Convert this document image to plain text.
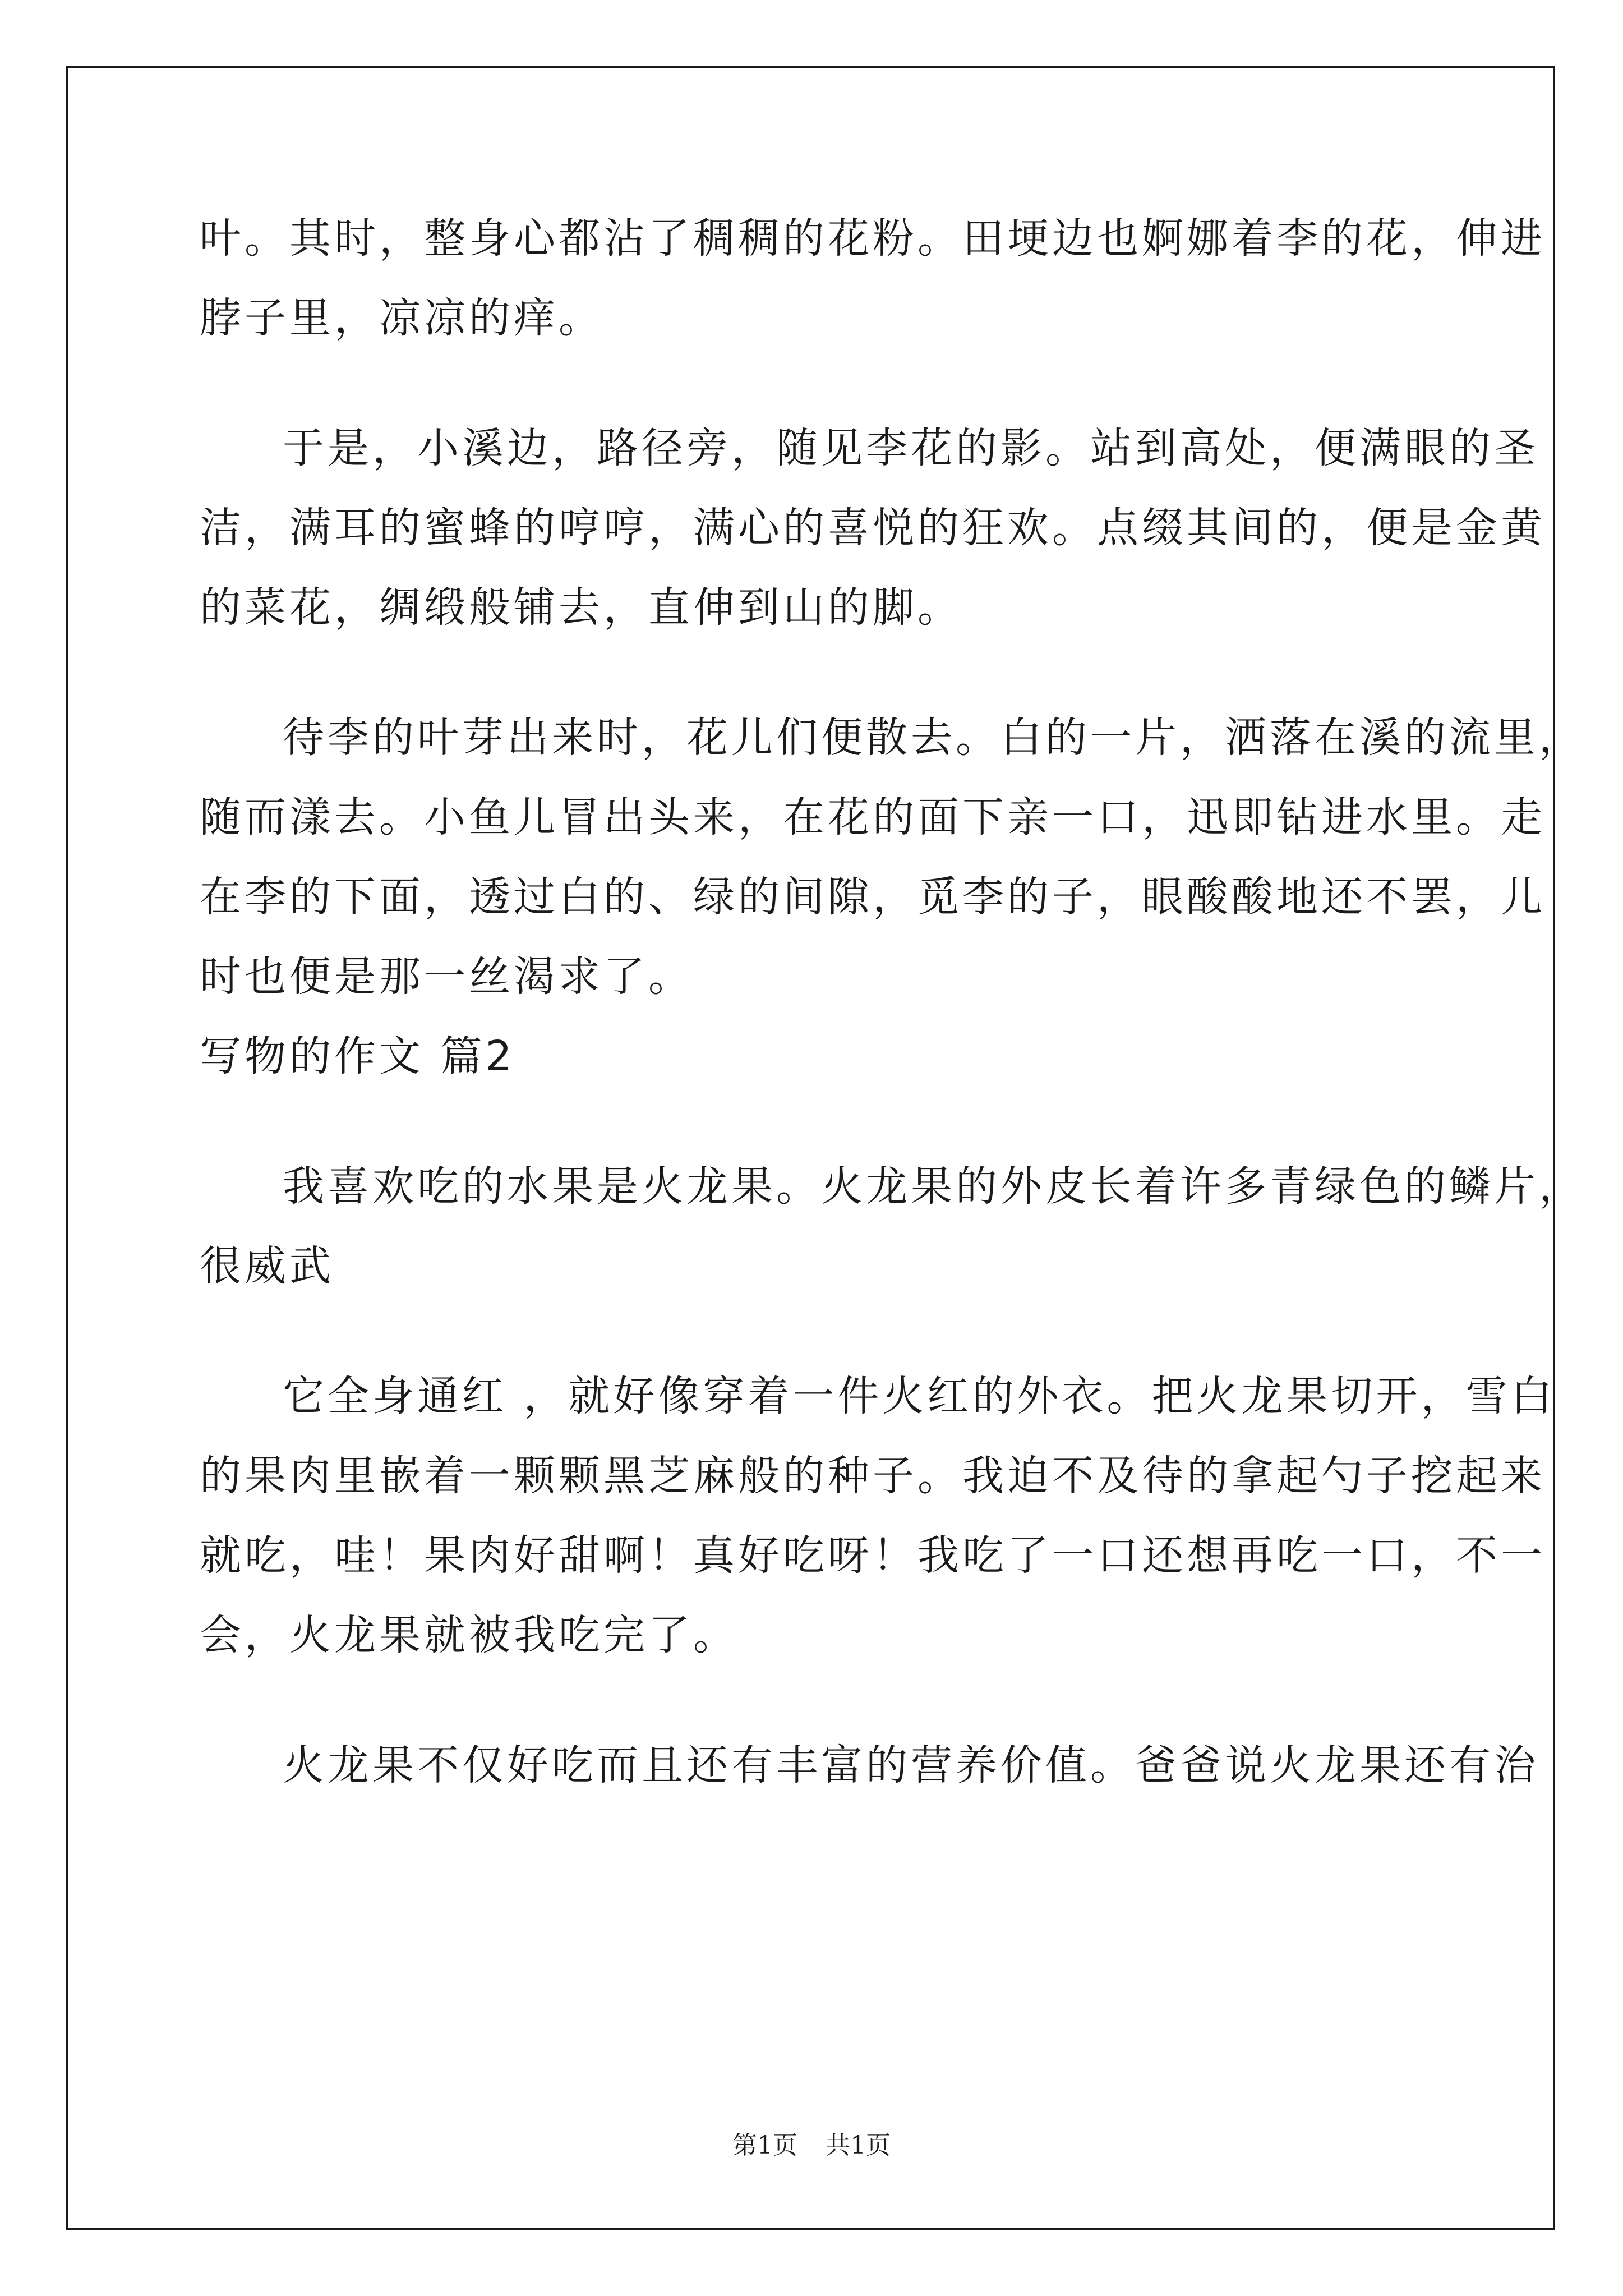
叶。其时，整身心都沾了稠稠的花粉。田埂边也婀娜着李的花，伸进
脖子里，凉凉的痒。
于是，小溪边，路径旁，随见李花的影。站到高处，便满眼的圣
洁，满耳的蜜蜂的哼哼，满心的喜悦的狂欢。点缀其间的，便是金黄
的菜花，绸缎般铺去，直伸到山的脚。
待李的叶芽出来时，花儿们便散去。白的一片，洒落在溪的流里，
随而漾去。小鱼儿冒出头来，在花的面下亲一口，迅即钻进水里。走
在李的下面，透过白的、绿的间隙，觅李的子，眼酸酸地还不罢，儿
时也便是那一丝渴求了。
写物的作文 篇2
我喜欢吃的水果是火龙果。火龙果的外皮长着许多青绿色的鳞片，
很威武
它全身通红 ，就好像穿着一件火红的外衣。把火龙果切开，雪白
的果肉里嵌着一颗颗黑芝麻般的种子。我迫不及待的拿起勺子挖起来
就吃，哇！果肉好甜啊！真好吃呀！我吃了一口还想再吃一口，不一
会，火龙果就被我吃完了。
火龙果不仅好吃而且还有丰富的营养价值。爸爸说火龙果还有治
第1页 共1页
